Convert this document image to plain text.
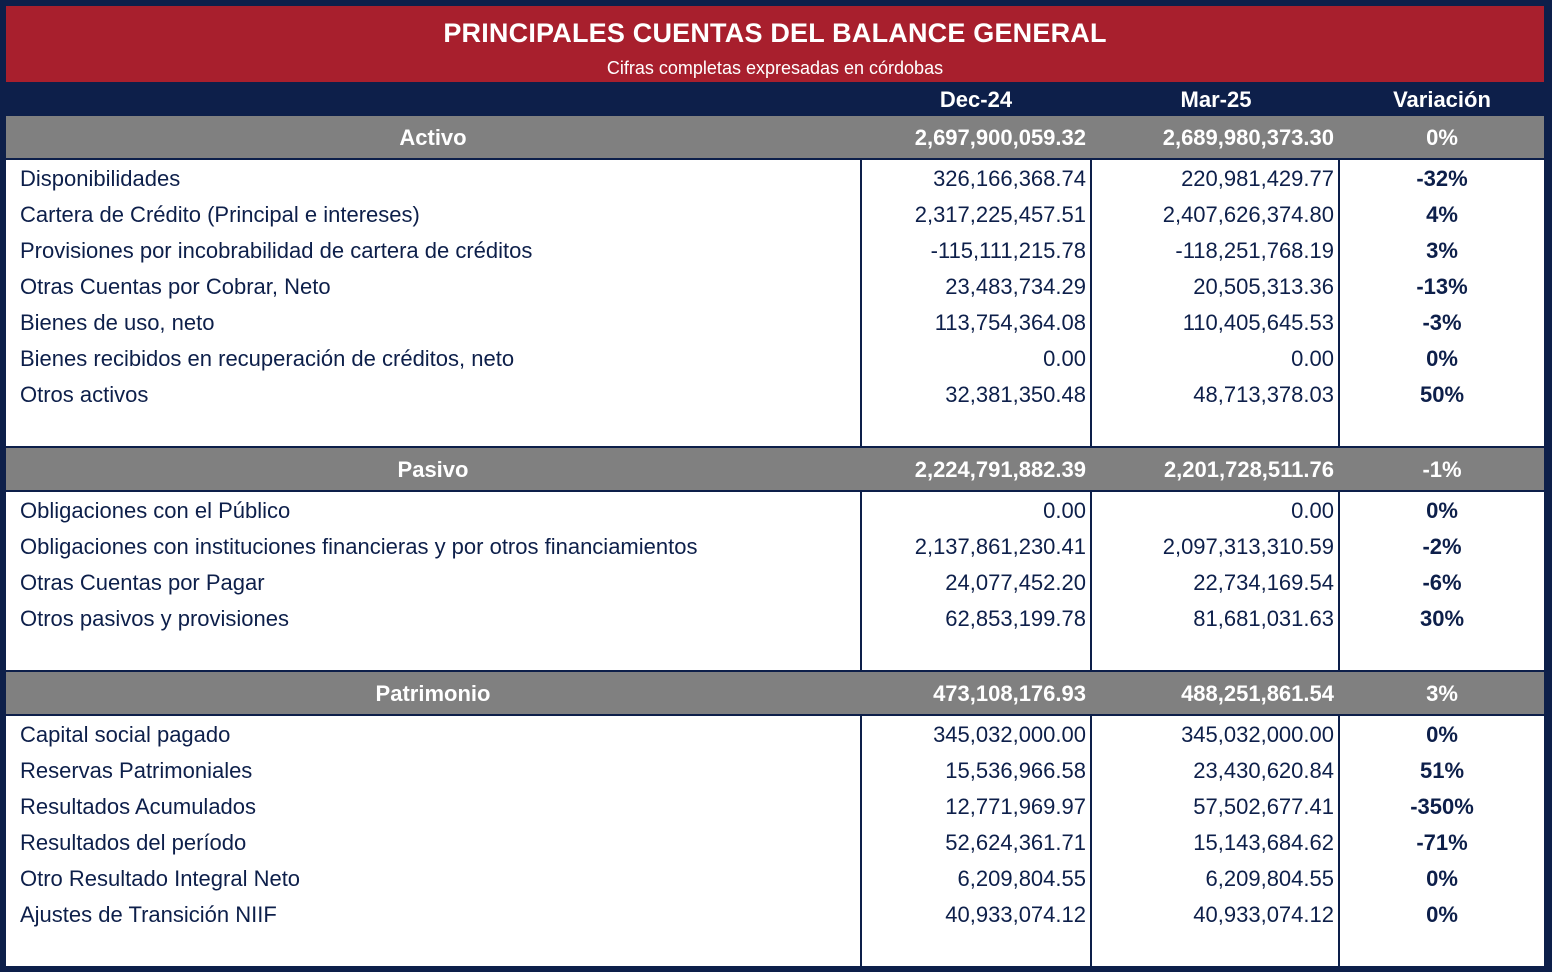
PRINCIPALES CUENTAS DEL BALANCE GENERAL
Cifras completas expresadas en córdobas
Dec-24	Mar-25	Variación
Activo	2,697,900,059.32	2,689,980,373.30	0%
Disponibilidades	326,166,368.74	220,981,429.77	-32%
Cartera de Crédito (Principal e intereses)	2,317,225,457.51	2,407,626,374.80	4%
Provisiones por incobrabilidad de cartera de créditos	-115,111,215.78	-118,251,768.19	3%
Otras Cuentas por Cobrar, Neto	23,483,734.29	20,505,313.36	-13%
Bienes de uso, neto	113,754,364.08	110,405,645.53	-3%
Bienes recibidos en recuperación de créditos, neto	0.00	0.00	0%
Otros activos	32,381,350.48	48,713,378.03	50%
Pasivo	2,224,791,882.39	2,201,728,511.76	-1%
Obligaciones con el Público	0.00	0.00	0%
Obligaciones con instituciones financieras y por otros financiamientos	2,137,861,230.41	2,097,313,310.59	-2%
Otras Cuentas por Pagar	24,077,452.20	22,734,169.54	-6%
Otros pasivos y provisiones	62,853,199.78	81,681,031.63	30%
Patrimonio	473,108,176.93	488,251,861.54	3%
Capital social pagado	345,032,000.00	345,032,000.00	0%
Reservas Patrimoniales	15,536,966.58	23,430,620.84	51%
Resultados Acumulados	12,771,969.97	57,502,677.41	-350%
Resultados del período	52,624,361.71	15,143,684.62	-71%
Otro Resultado Integral Neto	6,209,804.55	6,209,804.55	0%
Ajustes de Transición NIIF	40,933,074.12	40,933,074.12	0%
